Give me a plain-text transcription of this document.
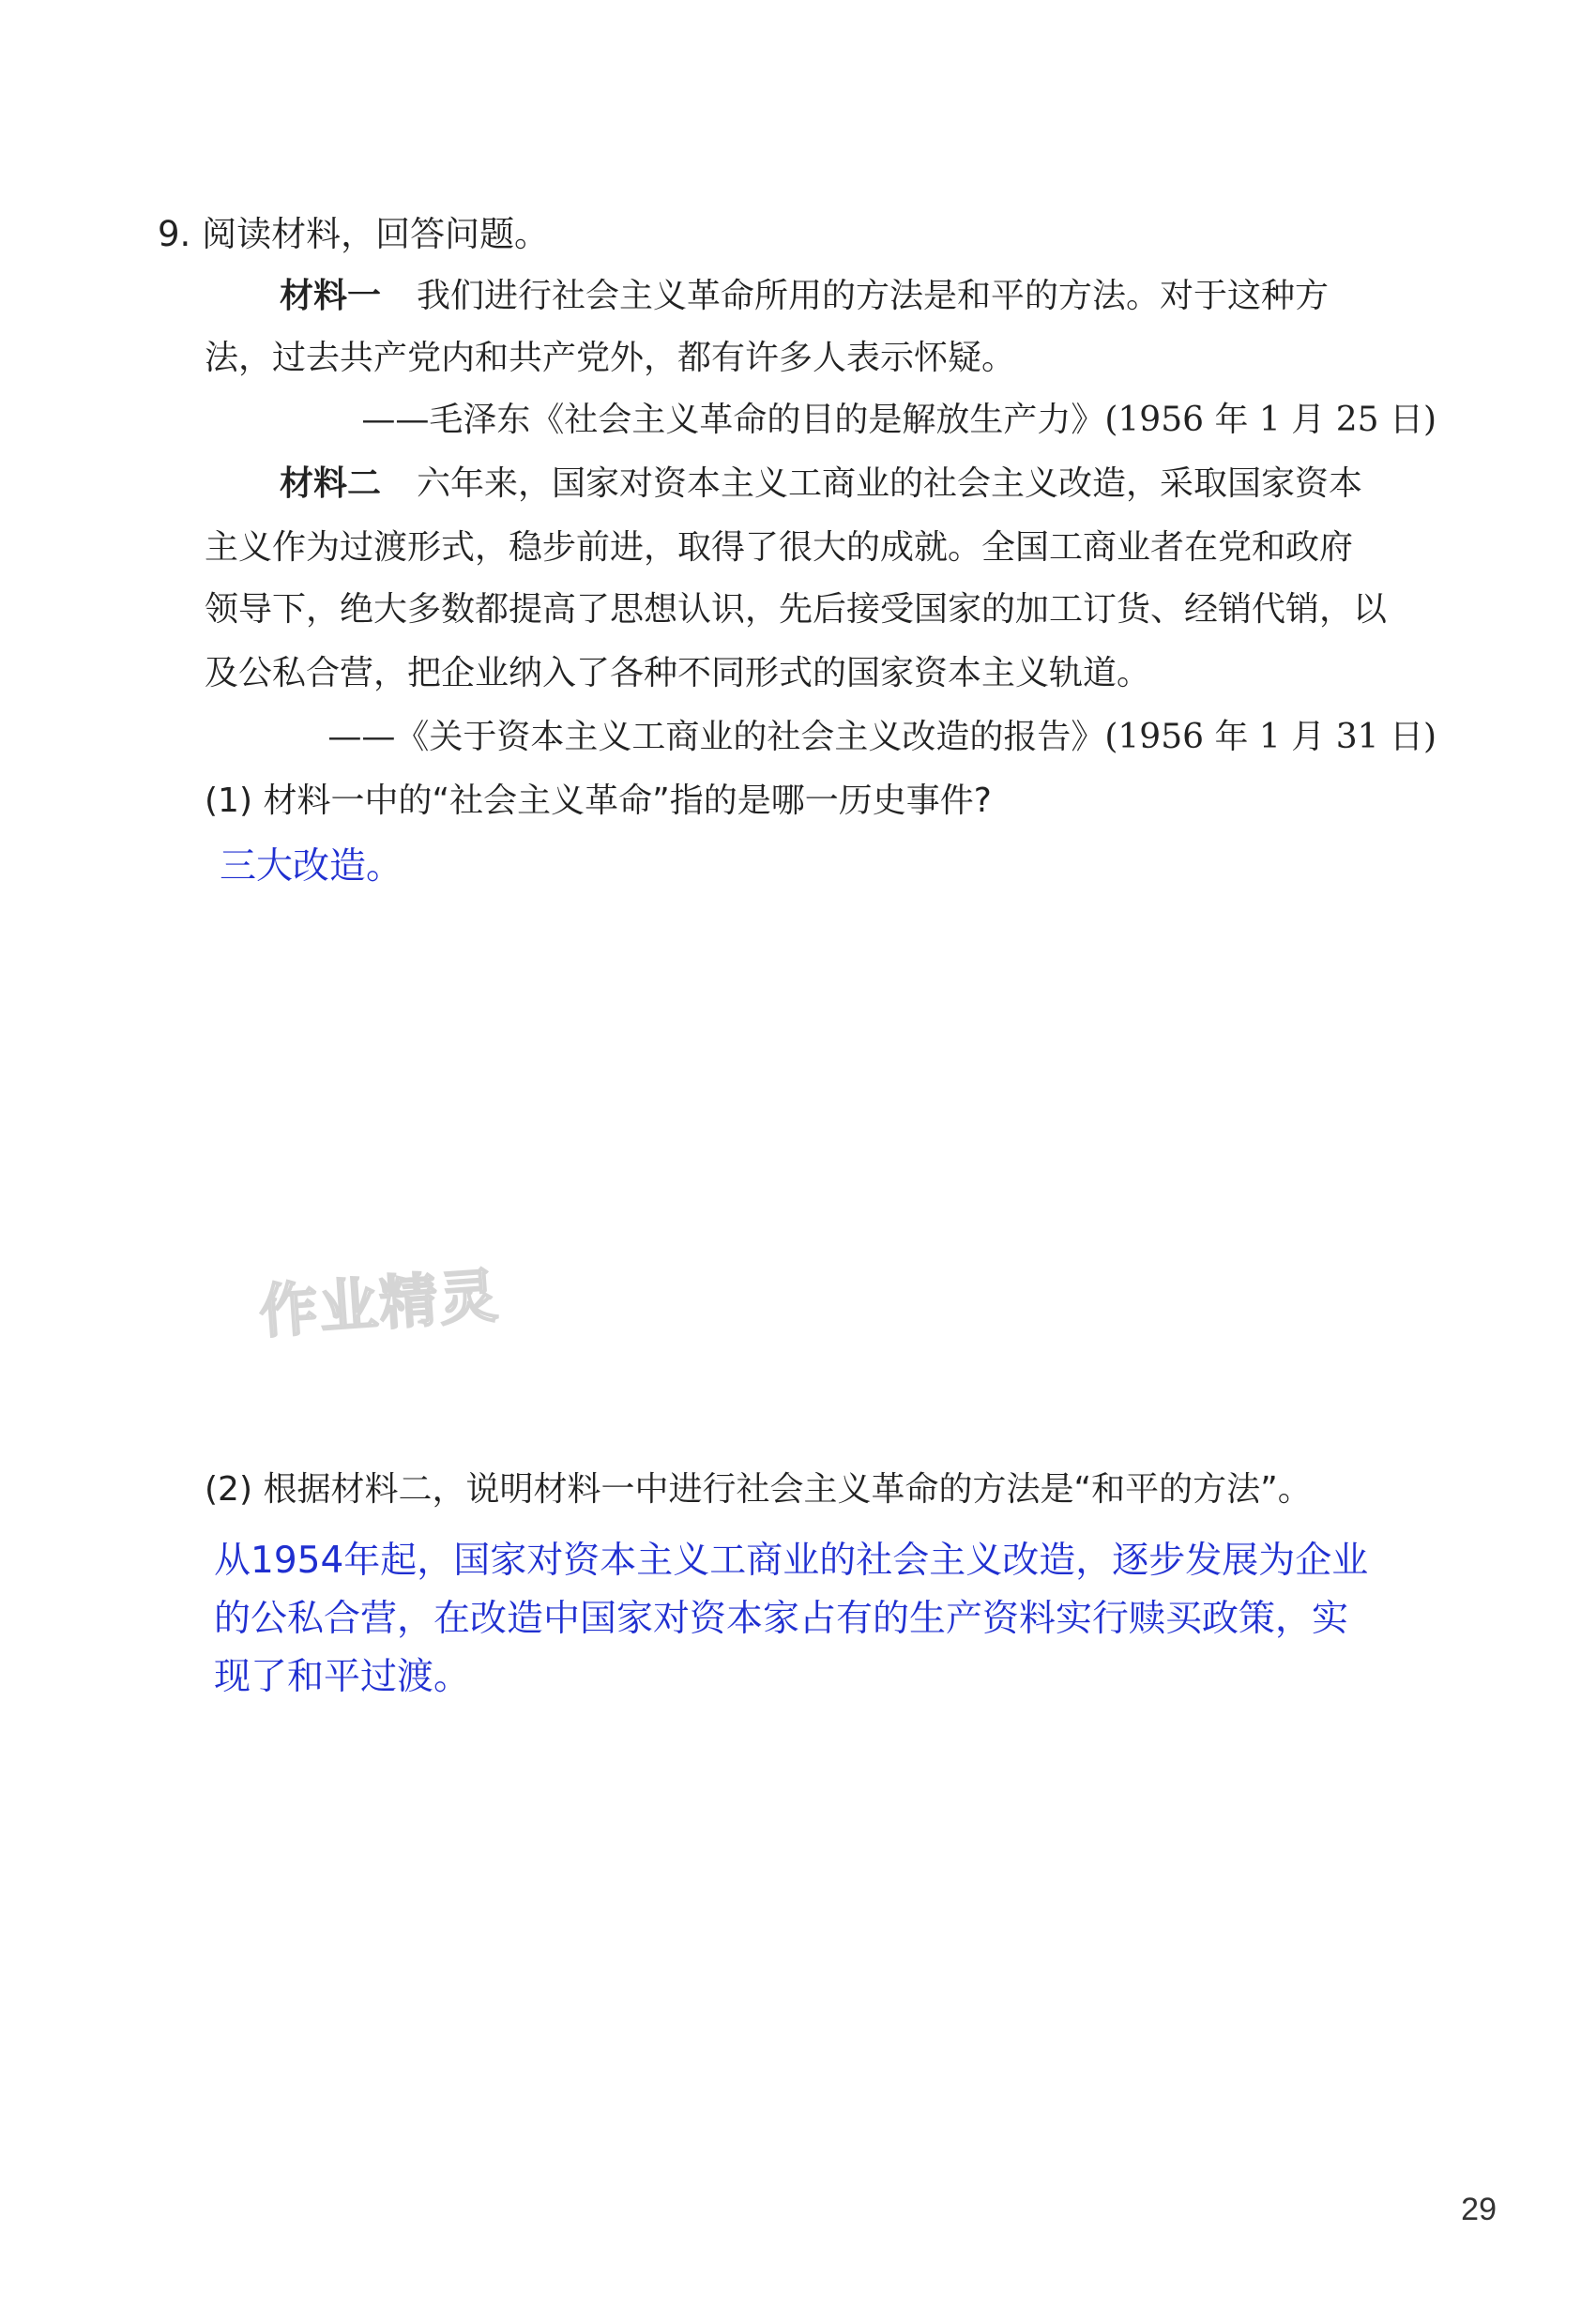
9. 阅读材料，回答问题。
材料一 我们进行社会主义革命所用的方法是和平的方法。对于这种方
法，过去共产党内和共产党外，都有许多人表示怀疑。
——毛泽东《社会主义革命的目的是解放生产力》(1956 年 1 月 25 日)
材料二 六年来，国家对资本主义工商业的社会主义改造，采取国家资本
主义作为过渡形式，稳步前进，取得了很大的成就。全国工商业者在党和政府
领导下，绝大多数都提高了思想认识，先后接受国家的加工订货、经销代销，以
及公私合营，把企业纳入了各种不同形式的国家资本主义轨道。
——《关于资本主义工商业的社会主义改造的报告》(1956 年 1 月 31 日)
(1) 材料一中的“社会主义革命”指的是哪一历史事件?
三大改造。
作业精灵
(2) 根据材料二，说明材料一中进行社会主义革命的方法是“和平的方法”。
从1954年起，国家对资本主义工商业的社会主义改造，逐步发展为企业
的公私合营，在改造中国家对资本家占有的生产资料实行赎买政策，实
现了和平过渡。
29
